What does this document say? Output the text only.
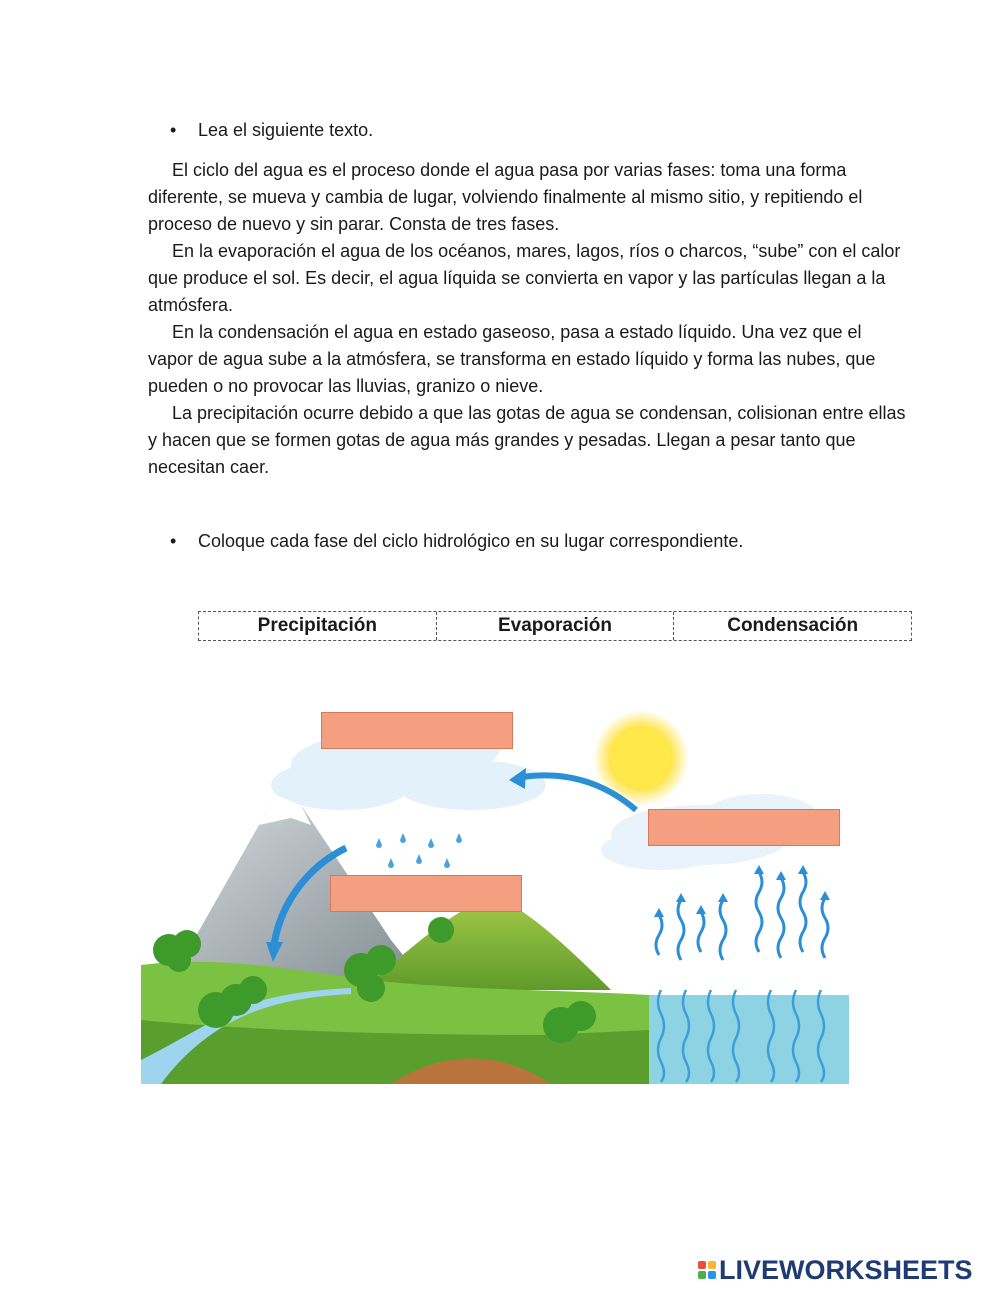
• Lea el siguiente texto.

El ciclo del agua es el proceso donde el agua pasa por varias fases: toma una forma diferente, se mueva y cambia de lugar, volviendo finalmente al mismo sitio, y repitiendo el proceso de nuevo y sin parar. Consta de tres fases.

En la evaporación el agua de los océanos, mares, lagos, ríos o charcos, “sube” con el calor que produce el sol. Es decir, el agua líquida se convierta en vapor y las partículas llegan a la atmósfera.

En la condensación el agua en estado gaseoso, pasa a estado líquido. Una vez que el vapor de agua sube a la atmósfera, se transforma en estado líquido y forma las nubes, que pueden o no provocar las lluvias, granizo o nieve.

La precipitación ocurre debido a que las gotas de agua se condensan, colisionan entre ellas y hacen que se formen gotas de agua más grandes y pesadas. Llegan a pesar tanto que necesitan caer.

• Coloque cada fase del ciclo hidrológico en su lugar correspondiente.
Precipitación	Evaporación	Condensación
LIVEWORKSHEETS
